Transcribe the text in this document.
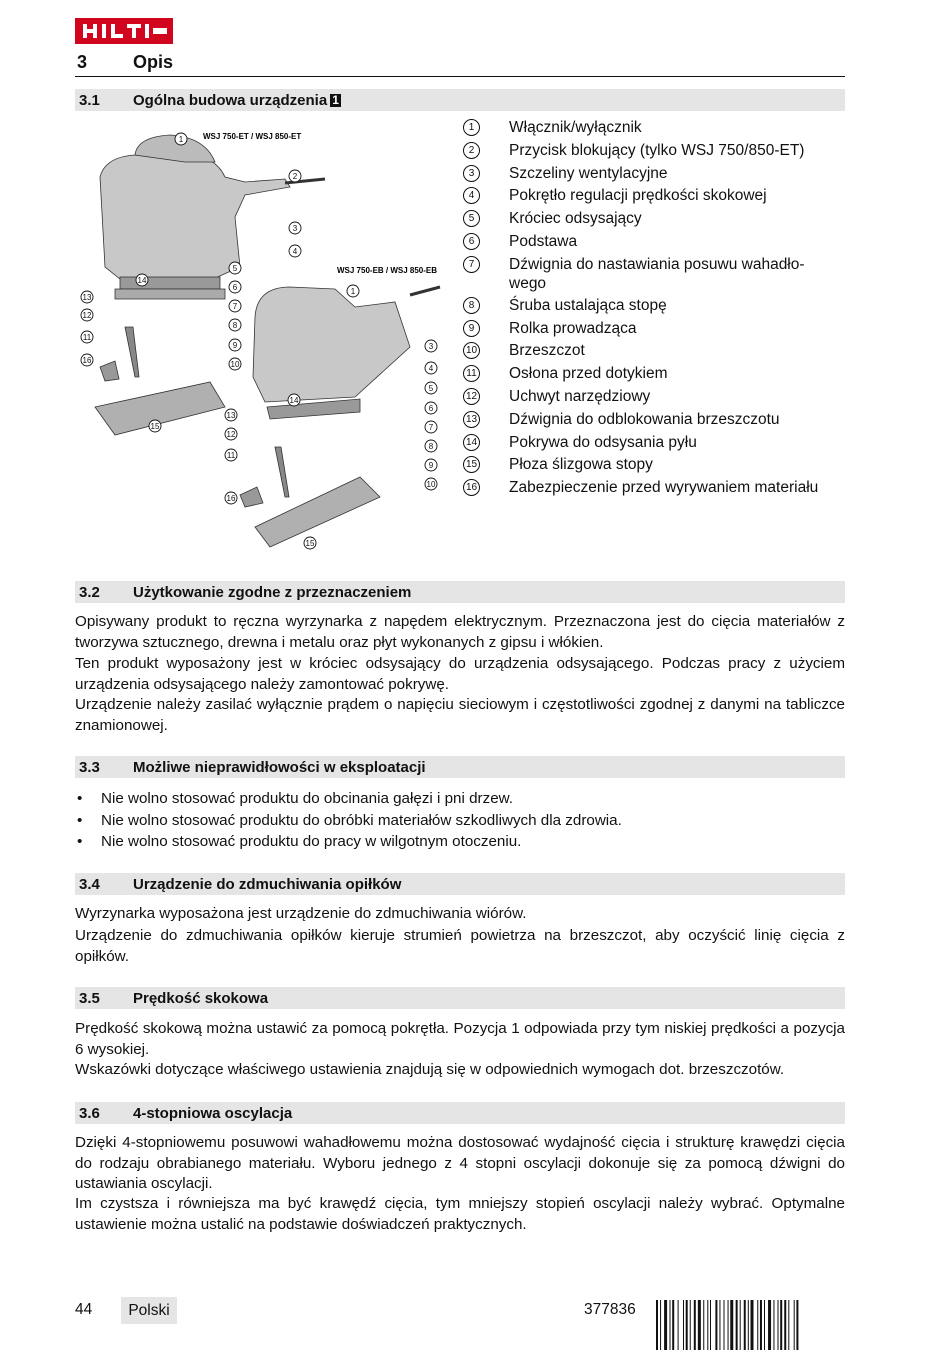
3	Opis
3.1 Ogólna budowa urządzenia 1
WSJ 750-ET / WSJ 850-ET
WSJ 750-EB / WSJ 850-EB
1
2
3
4
5
6
7
8
9
10
14
13
12
11
16
15
1
3
4
5
6
7
8
9
10
14
13
12
11
16
15
1	Włącznik/wyłącznik
2	Przycisk blokujący (tylko WSJ 750/850-ET)
3	Szczeliny wentylacyjne
4	Pokrętło regulacji prędkości skokowej
5	Króciec odsysający
6	Podstawa
7	Dźwignia do nastawiania posuwu wahadło-wego
8	Śruba ustalająca stopę
9	Rolka prowadząca
10 Brzeszczot
11 Osłona przed dotykiem
12 Uchwyt narzędziowy
13 Dźwignia do odblokowania brzeszczotu
14 Pokrywa do odsysania pyłu
15 Płoza ślizgowa stopy
16 Zabezpieczenie przed wyrywaniem materiału
3.2 Użytkowanie zgodne z przeznaczeniem

Opisywany produkt to ręczna wyrzynarka z napędem elektrycznym. Przeznaczona jest do cięcia materiałów z tworzywa sztucznego, drewna i metalu oraz płyt wykonanych z gipsu i włókien.

Ten produkt wyposażony jest w króciec odsysający do urządzenia odsysającego. Podczas pracy z użyciem urządzenia odsysającego należy zamontować pokrywę.

Urządzenie należy zasilać wyłącznie prądem o napięciu sieciowym i częstotliwości zgodnej z danymi na tabliczce znamionowej.

3.3 Możliwe nieprawidłowości w eksploatacji
• Nie wolno stosować produktu do obcinania gałęzi i pni drzew.
• Nie wolno stosować produktu do obróbki materiałów szkodliwych dla zdrowia.
• Nie wolno stosować produktu do pracy w wilgotnym otoczeniu.
3.4 Urządzenie do zdmuchiwania opiłków

Wyrzynarka wyposażona jest urządzenie do zdmuchiwania wiórów.

Urządzenie do zdmuchiwania opiłków kieruje strumień powietrza na brzeszczot, aby oczyścić linię cięcia z opiłków.

3.5 Prędkość skokowa

Prędkość skokową można ustawić za pomocą pokrętła. Pozycja 1 odpowiada przy tym niskiej prędkości a pozycja 6 wysokiej.

Wskazówki dotyczące właściwego ustawienia znajdują się w odpowiednich wymogach dot. brzeszczotów.

3.6 4-stopniowa oscylacja

Dzięki 4-stopniowemu posuwowi wahadłowemu można dostosować wydajność cięcia i strukturę krawędzi cięcia do rodzaju obrabianego materiału. Wyboru jednego z 4 stopni oscylacji dokonuje się za pomocą dźwigni do ustawiania oscylacji.

Im czystsza i równiejsza ma być krawędź cięcia, tym mniejszy stopień oscylacji należy wybrać. Optymalne ustawienie można ustalić na podstawie doświadczeń praktycznych.

44	Polski	377836
